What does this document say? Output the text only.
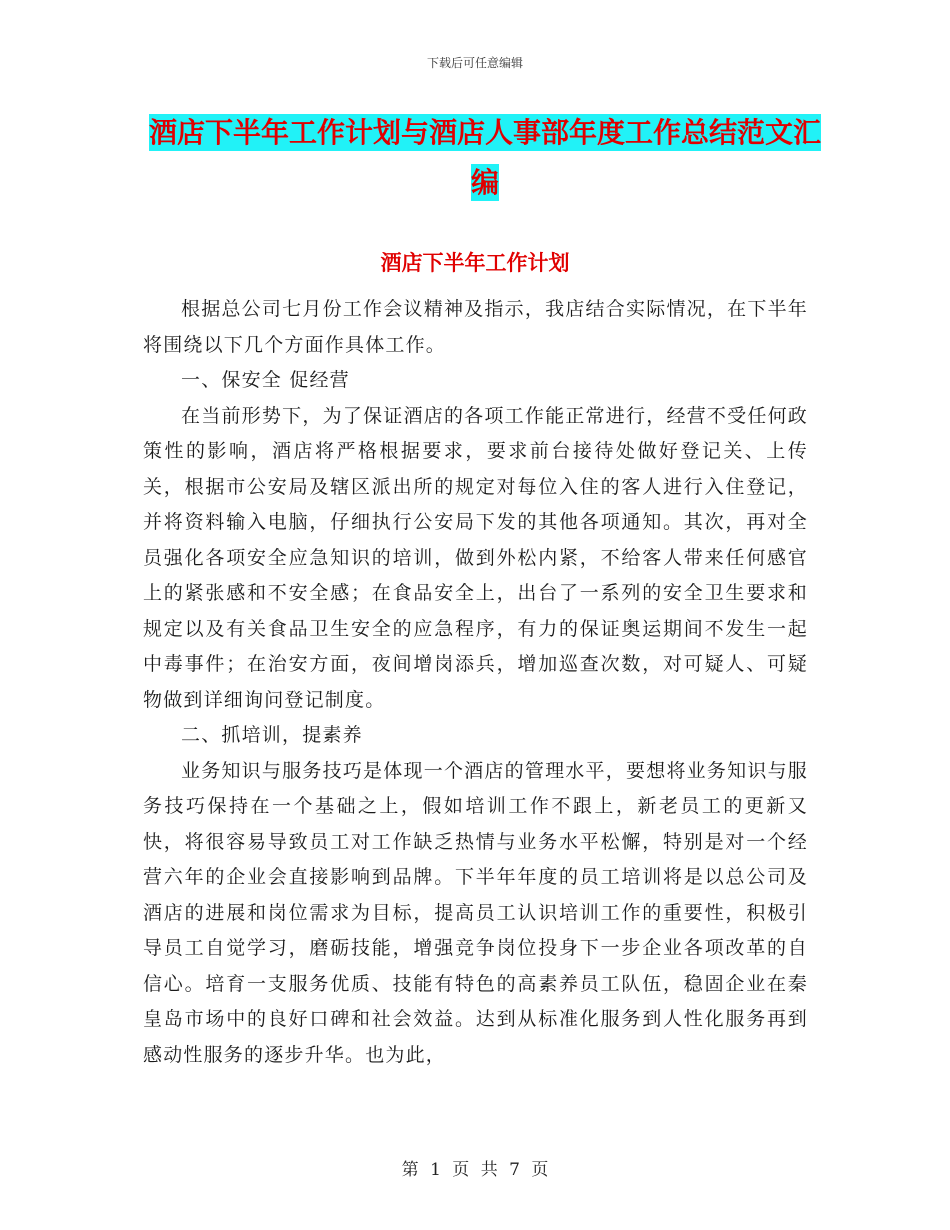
下载后可任意编辑
酒店下半年工作计划与酒店人事部年度工作总结范文汇编
酒店下半年工作计划

根据总公司七月份工作会议精神及指示，我店结合实际情况，在下半年将围绕以下几个方面作具体工作。

一、保安全 促经营

在当前形势下，为了保证酒店的各项工作能正常进行，经营不受任何政策性的影响，酒店将严格根据要求，要求前台接待处做好登记关、上传关，根据市公安局及辖区派出所的规定对每位入住的客人进行入住登记，并将资料输入电脑，仔细执行公安局下发的其他各项通知。其次，再对全员强化各项安全应急知识的培训，做到外松内紧，不给客人带来任何感官上的紧张感和不安全感；在食品安全上，出台了一系列的安全卫生要求和规定以及有关食品卫生安全的应急程序，有力的保证奥运期间不发生一起中毒事件；在治安方面，夜间增岗添兵，增加巡查次数，对可疑人、可疑物做到详细询问登记制度。

二、抓培训，提素养

业务知识与服务技巧是体现一个酒店的管理水平，要想将业务知识与服务技巧保持在一个基础之上，假如培训工作不跟上，新老员工的更新又快，将很容易导致员工对工作缺乏热情与业务水平松懈，特别是对一个经营六年的企业会直接影响到品牌。下半年年度的员工培训将是以总公司及酒店的进展和岗位需求为目标，提高员工认识培训工作的重要性，积极引导员工自觉学习，磨砺技能，增强竞争岗位投身下一步企业各项改革的自信心。培育一支服务优质、技能有特色的高素养员工队伍，稳固企业在秦皇岛市场中的良好口碑和社会效益。达到从标准化服务到人性化服务再到感动性服务的逐步升华。也为此，

第 1 页 共 7 页
